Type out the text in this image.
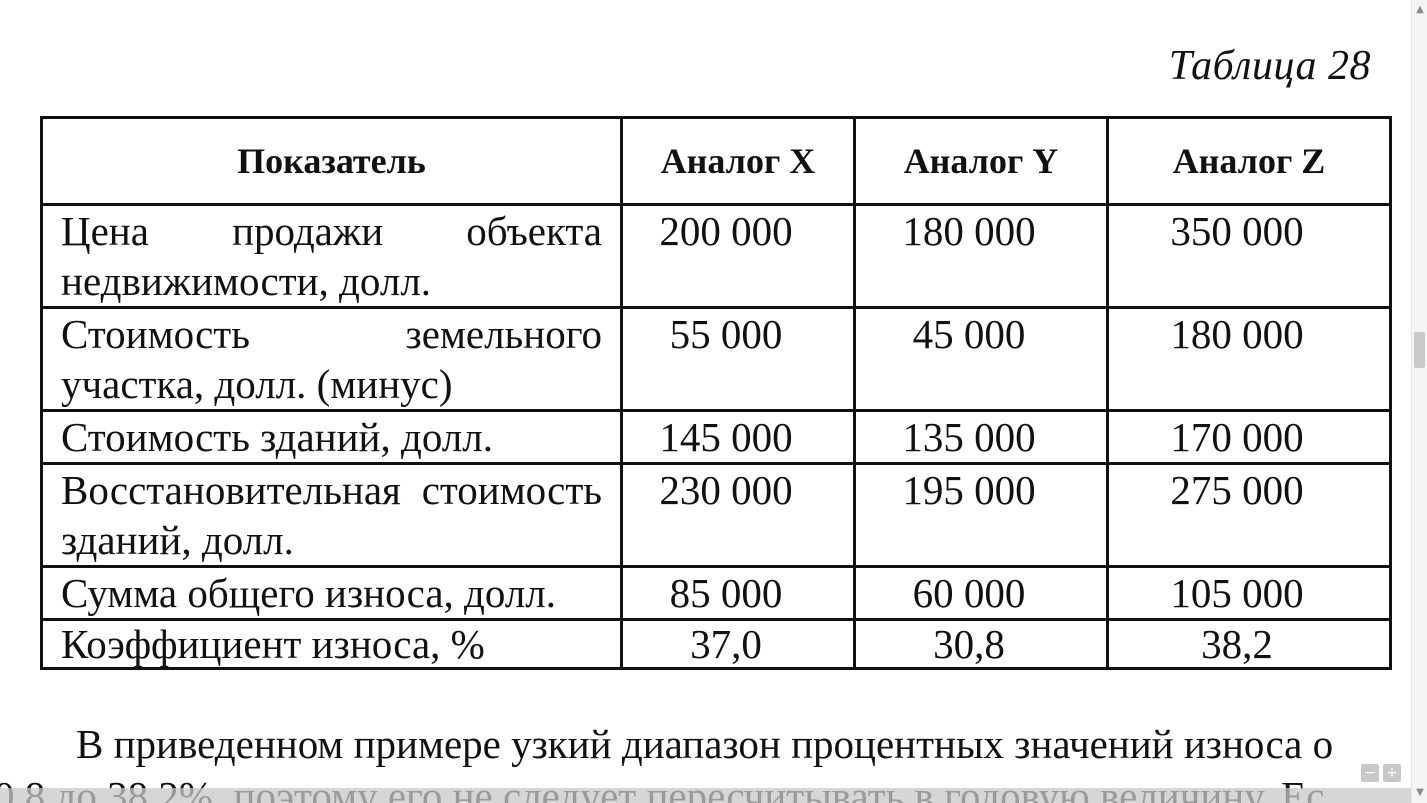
Таблица 28
Показатель	Аналог X	Аналог Y	Аналог Z
Цена продажи объекта недвижимости, долл.	200 000	180 000	350 000
Стоимость земельного участка, долл. (минус)	55 000	45 000	180 000
Стоимость зданий, долл.	145 000	135 000	170 000
Восстановительная стоимость зданий, долл.	230 000	195 000	275 000
Сумма общего износа, долл.	85 000	60 000	105 000
Коэффициент износа, %	37,0	30,8	38,2
В приведенном примере узкий диапазон процентных значений износа о
− +
▲
▼
